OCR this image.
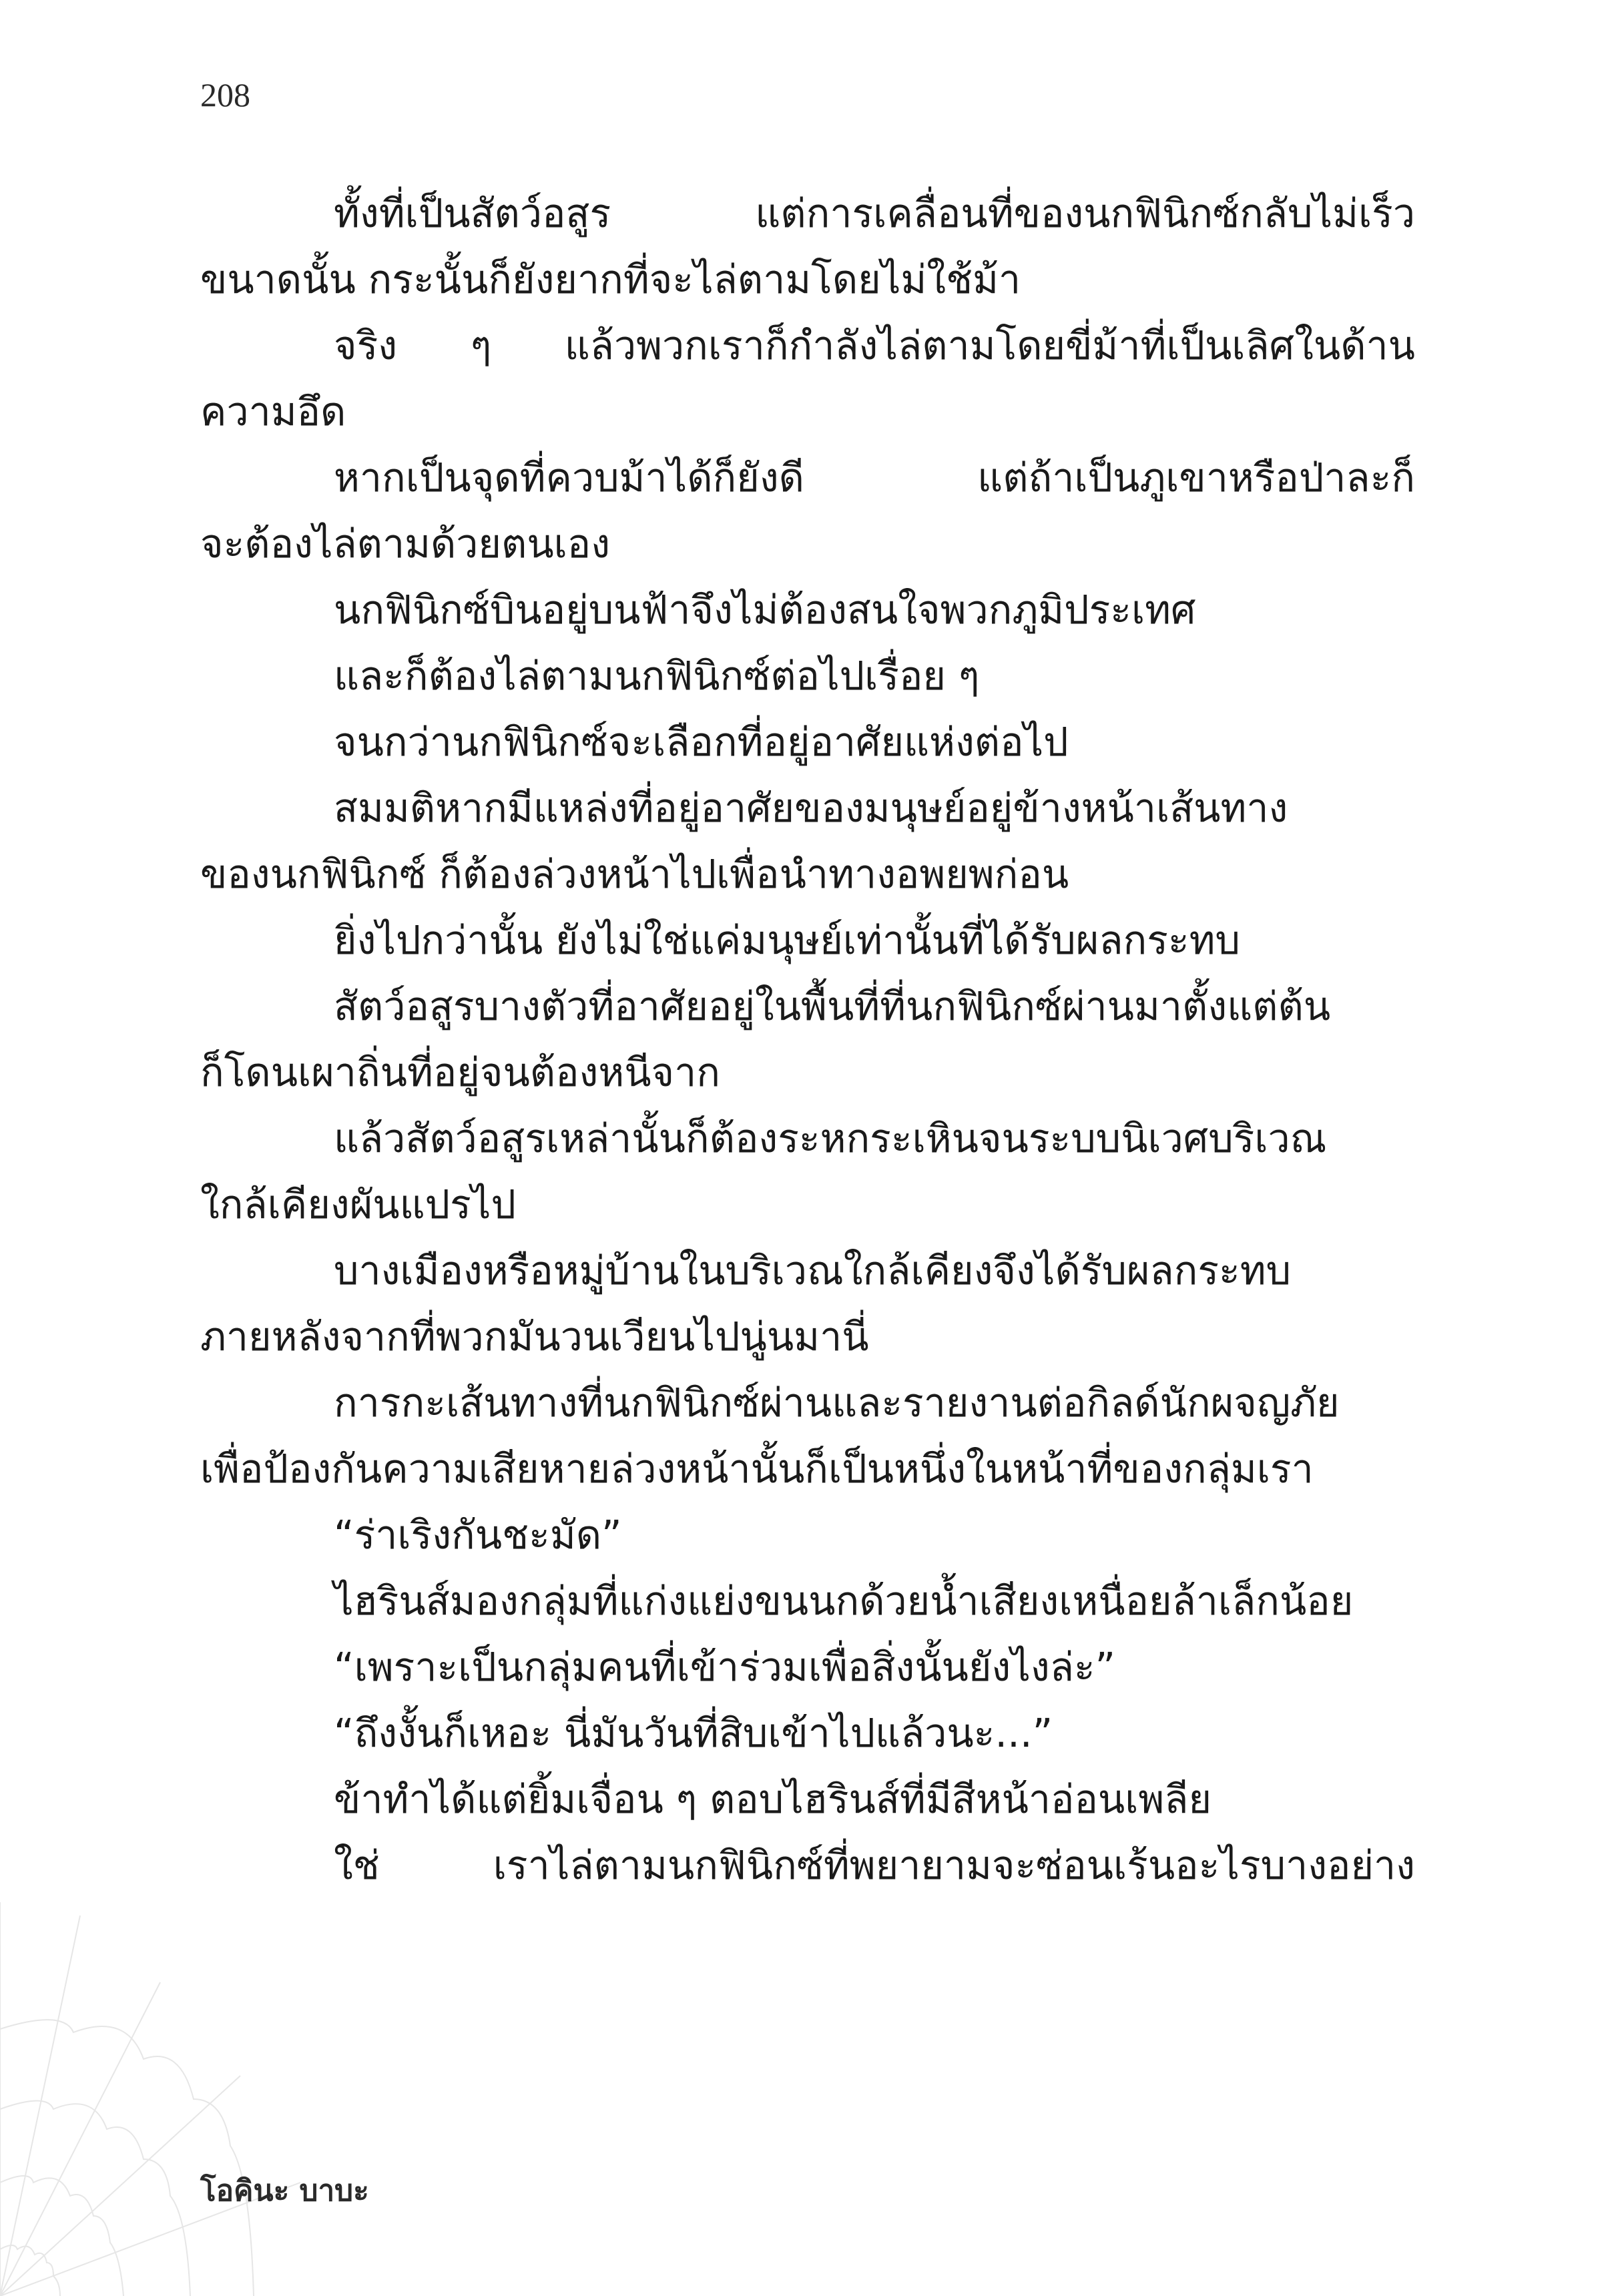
208
ทั้งที่เป็นสัตว์อสูร แต่การเคลื่อนที่ของนกฟินิกซ์กลับไม่เร็ว
ขนาดนั้น กระนั้นก็ยังยากที่จะไล่ตามโดยไม่ใช้ม้า
จริง ๆ แล้วพวกเราก็กำลังไล่ตามโดยขี่ม้าที่เป็นเลิศในด้าน
ความอึด
หากเป็นจุดที่ควบม้าได้ก็ยังดี แต่ถ้าเป็นภูเขาหรือป่าละก็
จะต้องไล่ตามด้วยตนเอง
นกฟินิกซ์บินอยู่บนฟ้าจึงไม่ต้องสนใจพวกภูมิประเทศ
และก็ต้องไล่ตามนกฟินิกซ์ต่อไปเรื่อย ๆ
จนกว่านกฟินิกซ์จะเลือกที่อยู่อาศัยแห่งต่อไป
สมมติหากมีแหล่งที่อยู่อาศัยของมนุษย์อยู่ข้างหน้าเส้นทาง
ของนกฟินิกซ์ ก็ต้องล่วงหน้าไปเพื่อนำทางอพยพก่อน
ยิ่งไปกว่านั้น ยังไม่ใช่แค่มนุษย์เท่านั้นที่ได้รับผลกระทบ
สัตว์อสูรบางตัวที่อาศัยอยู่ในพื้นที่ที่นกฟินิกซ์ผ่านมาตั้งแต่ต้น
ก็โดนเผาถิ่นที่อยู่จนต้องหนีจาก
แล้วสัตว์อสูรเหล่านั้นก็ต้องระหกระเหินจนระบบนิเวศบริเวณ
ใกล้เคียงผันแปรไป
บางเมืองหรือหมู่บ้านในบริเวณใกล้เคียงจึงได้รับผลกระทบ
ภายหลังจากที่พวกมันวนเวียนไปนู่นมานี่
การกะเส้นทางที่นกฟินิกซ์ผ่านและรายงานต่อกิลด์นักผจญภัย
เพื่อป้องกันความเสียหายล่วงหน้านั้นก็เป็นหนึ่งในหน้าที่ของกลุ่มเรา
“ร่าเริงกันชะมัด”
ไฮรินส์มองกลุ่มที่แก่งแย่งขนนกด้วยน้ำเสียงเหนื่อยล้าเล็กน้อย
“เพราะเป็นกลุ่มคนที่เข้าร่วมเพื่อสิ่งนั้นยังไงล่ะ”
“ถึงงั้นก็เหอะ นี่มันวันที่สิบเข้าไปแล้วนะ...”
ข้าทำได้แต่ยิ้มเจื่อน ๆ ตอบไฮรินส์ที่มีสีหน้าอ่อนเพลีย
ใช่ เราไล่ตามนกฟินิกซ์ที่พยายามจะซ่อนเร้นอะไรบางอย่าง
โอคินะ บาบะ
